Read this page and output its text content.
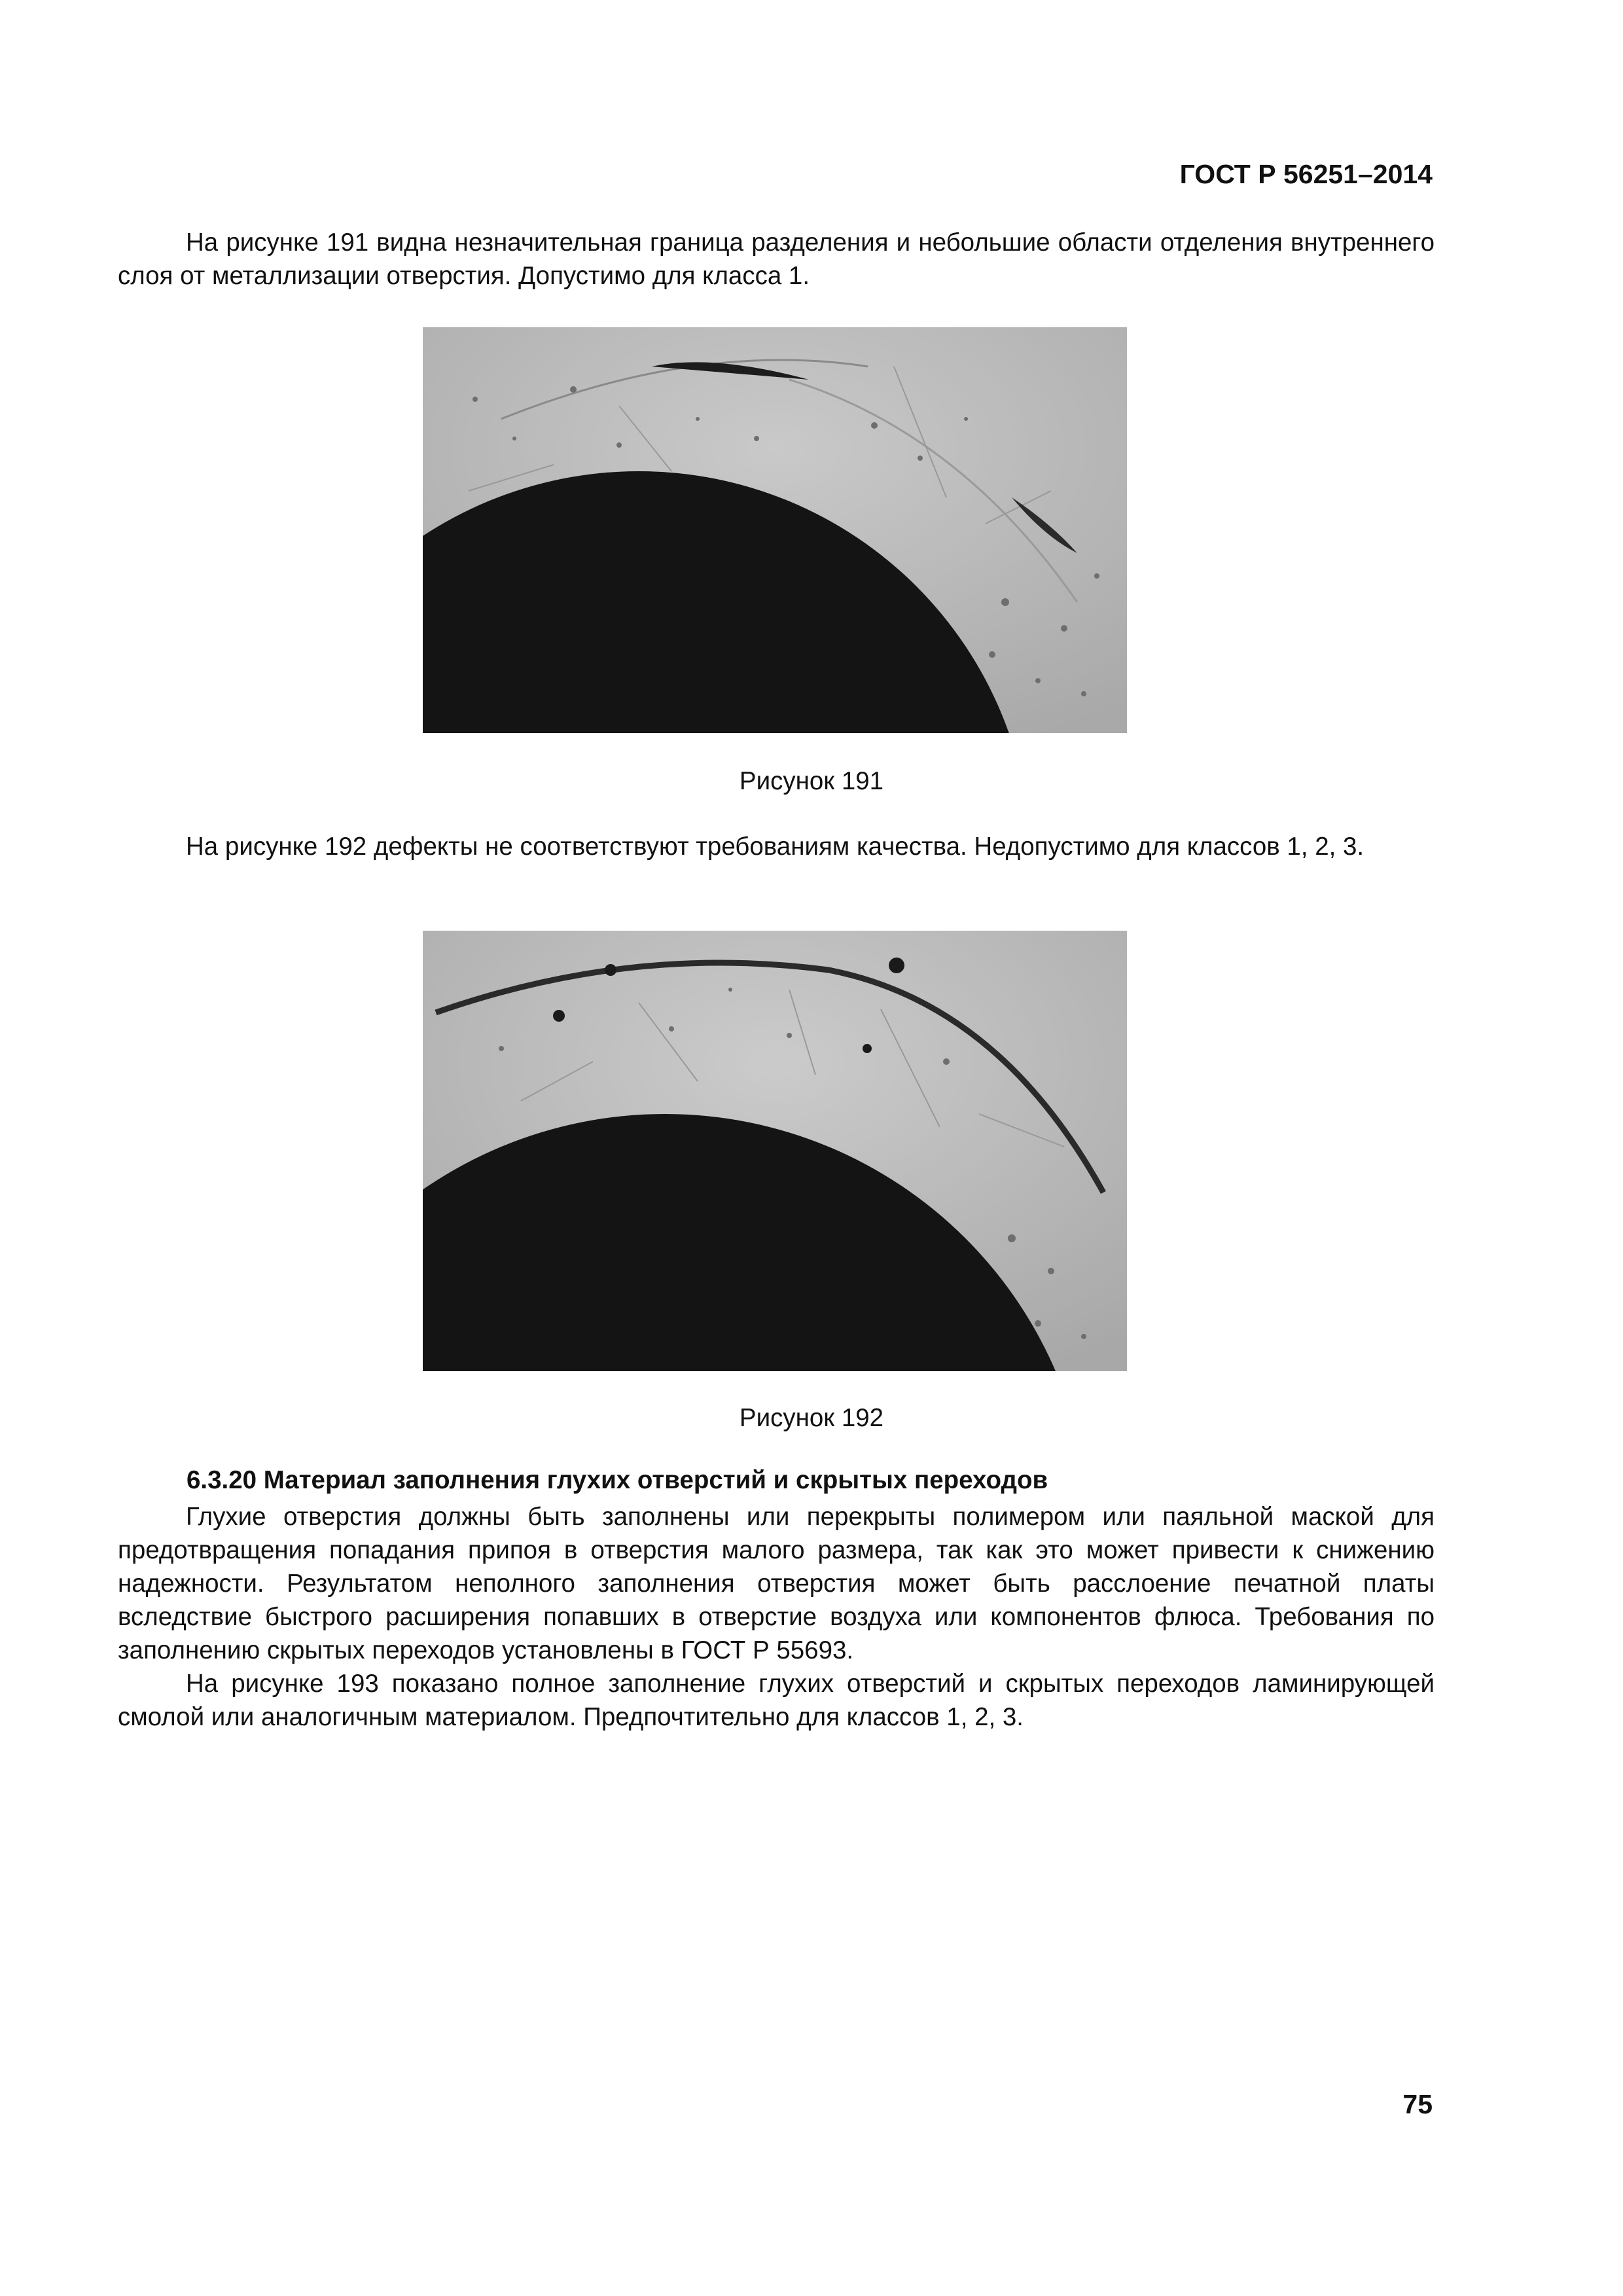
ГОСТ Р 56251–2014

На рисунке 191 видна незначительная граница разделения и небольшие области отделения внутреннего слоя от металлизации отверстия. Допустимо для класса 1.

Рисунок 191

На рисунке 192 дефекты не соответствуют требованиям качества. Недопустимо для классов 1, 2, 3.

Рисунок 192
6.3.20 Материал заполнения глухих отверстий и скрытых переходов

Глухие отверстия должны быть заполнены или перекрыты полимером или паяльной маской для предотвращения попадания припоя в отверстия малого размера, так как это может привести к снижению надежности. Результатом неполного заполнения отверстия может быть расслоение печатной платы вследствие быстрого расширения попавших в отверстие воздуха или компонентов флюса. Требования по заполнению скрытых переходов установлены в ГОСТ Р 55693.

На рисунке 193 показано полное заполнение глухих отверстий и скрытых переходов ламинирующей смолой или аналогичным материалом. Предпочтительно для классов 1, 2, 3.

75
